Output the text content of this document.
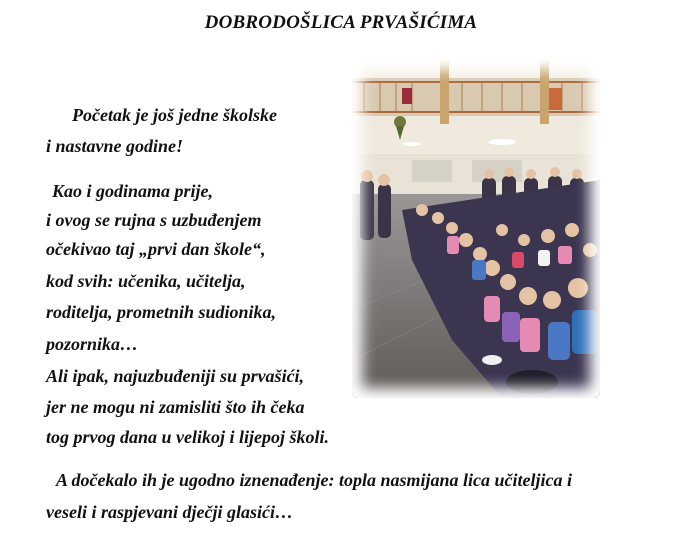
DOBRODOŠLICA PRVAŠIĆIMA
Početak je još jedne školske
i nastavne godine!
Kao i godinama prije,
i ovog se rujna s uzbuđenjem
očekivao taj „prvi dan škole“,
kod svih: učenika, učitelja,
roditelja, prometnih sudionika,
pozornika…
Ali ipak, najuzbuđeniji su prvašići,
jer ne mogu ni zamisliti što ih čeka
tog prvog dana u velikoj i lijepoj školi.
A dočekalo ih je ugodno iznenađenje: topla nasmijana lica učiteljica i
veseli i raspjevani dječji glasići…
